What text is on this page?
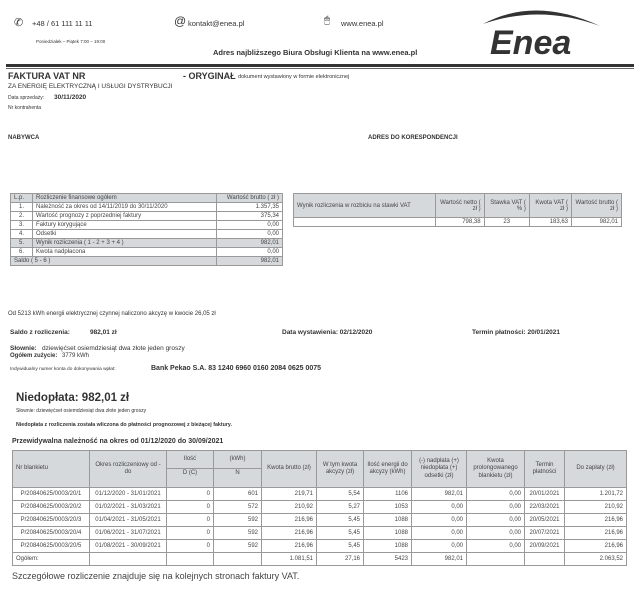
✆ +48 / 61 111 11 11
Poniedziałek – Piątek 7:00 – 19:00
@ kontakt@enea.pl	🖱 www.enea.pl
Adres najbliższego Biura Obsługi Klienta na www.enea.pl Enea
FAKTURA VAT NR	- ORYGINAŁ dokument wystawiony w formie elektronicznej
ZA ENERGIĘ ELEKTRYCZNĄ I USŁUGI DYSTRYBUCJI
Data sprzedaży: 30/11/2020
Nr kontrahenta
NABYWCA	ADRES DO KORESPONDENCJI
L.p.	Rozliczenie finansowe ogółem	Wartość brutto ( zł )
1.	Należność za okres od 14/11/2019 do 30/11/2020	1.357,35
2.	Wartość prognozy z poprzedniej faktury	375,34
3.	Faktury korygujące	0,00
4.	Odsetki	0,00
5.	Wynik rozliczenia ( 1 - 2 + 3 + 4 )	982,01
6.	Kwota nadpłacona	0,00
Saldo ( 5 - 6 )		982,01
Wynik rozliczenia w rozbiciu na stawki VAT	Wartość netto ( zł )	Stawka VAT ( % )	Kwota VAT ( zł )	Wartość brutto ( zł )
	798,38	23	183,63	982,01
Od 5213 kWh energii elektrycznej czynnej naliczono akcyzę w kwocie 26,05 zł
Saldo z rozliczenia:	982,01 zł	Data wystawienia: 02/12/2020	Termin płatności: 20/01/2021
Słownie: dziewięćset osiemdziesiąt dwa złote jeden groszy
Ogółem zużycie: 3779 kWh
Indywidualny numer konta do dokonywania wpłat:	Bank Pekao S.A. 83 1240 6960 0160 2084 0625 0075
Niedopłata: 982,01 zł
Słownie: dziewięćset osiemdziesiąt dwa złote jeden groszy
Niedopłata z rozliczenia została wliczona do płatności prognozowej z bieżącej faktury.
Przewidywalna należność na okres od 01/12/2020 do 30/09/2021
Nr blankietu	Okres rozliczeniowy od - do	Ilość	(kWh)	Kwota brutto (zł)	W tym kwota akcyzy (zł)	Ilość energii do akcyzy (kWh)	(-) nadpłata (+) niedopłata (+) odsetki (zł)	Kwota prolongowanego blankietu (zł)	Termin płatności	Do zapłaty (zł)
		D (C)	N							
P/20840625/0003/20/1	01/12/2020 - 31/01/2021	0	601	219,71	5,54	1106	982,01	0,00	20/01/2021	1.201,72
P/20840625/0003/20/2	01/02/2021 - 31/03/2021	0	572	210,92	5,27	1053	0,00	0,00	22/03/2021	210,92
P/20840625/0003/20/3	01/04/2021 - 31/05/2021	0	592	216,96	5,45	1088	0,00	0,00	20/05/2021	216,96
P/20840625/0003/20/4	01/06/2021 - 31/07/2021	0	592	216,96	5,45	1088	0,00	0,00	20/07/2021	216,96
P/20840625/0003/20/5	01/08/2021 - 30/09/2021	0	592	216,96	5,45	1088	0,00	0,00	20/09/2021	216,96
Ogółem:				1.081,51	27,16	5423	982,01			2.063,52
Szczegółowe rozliczenie znajduje się na kolejnych stronach faktury VAT.
